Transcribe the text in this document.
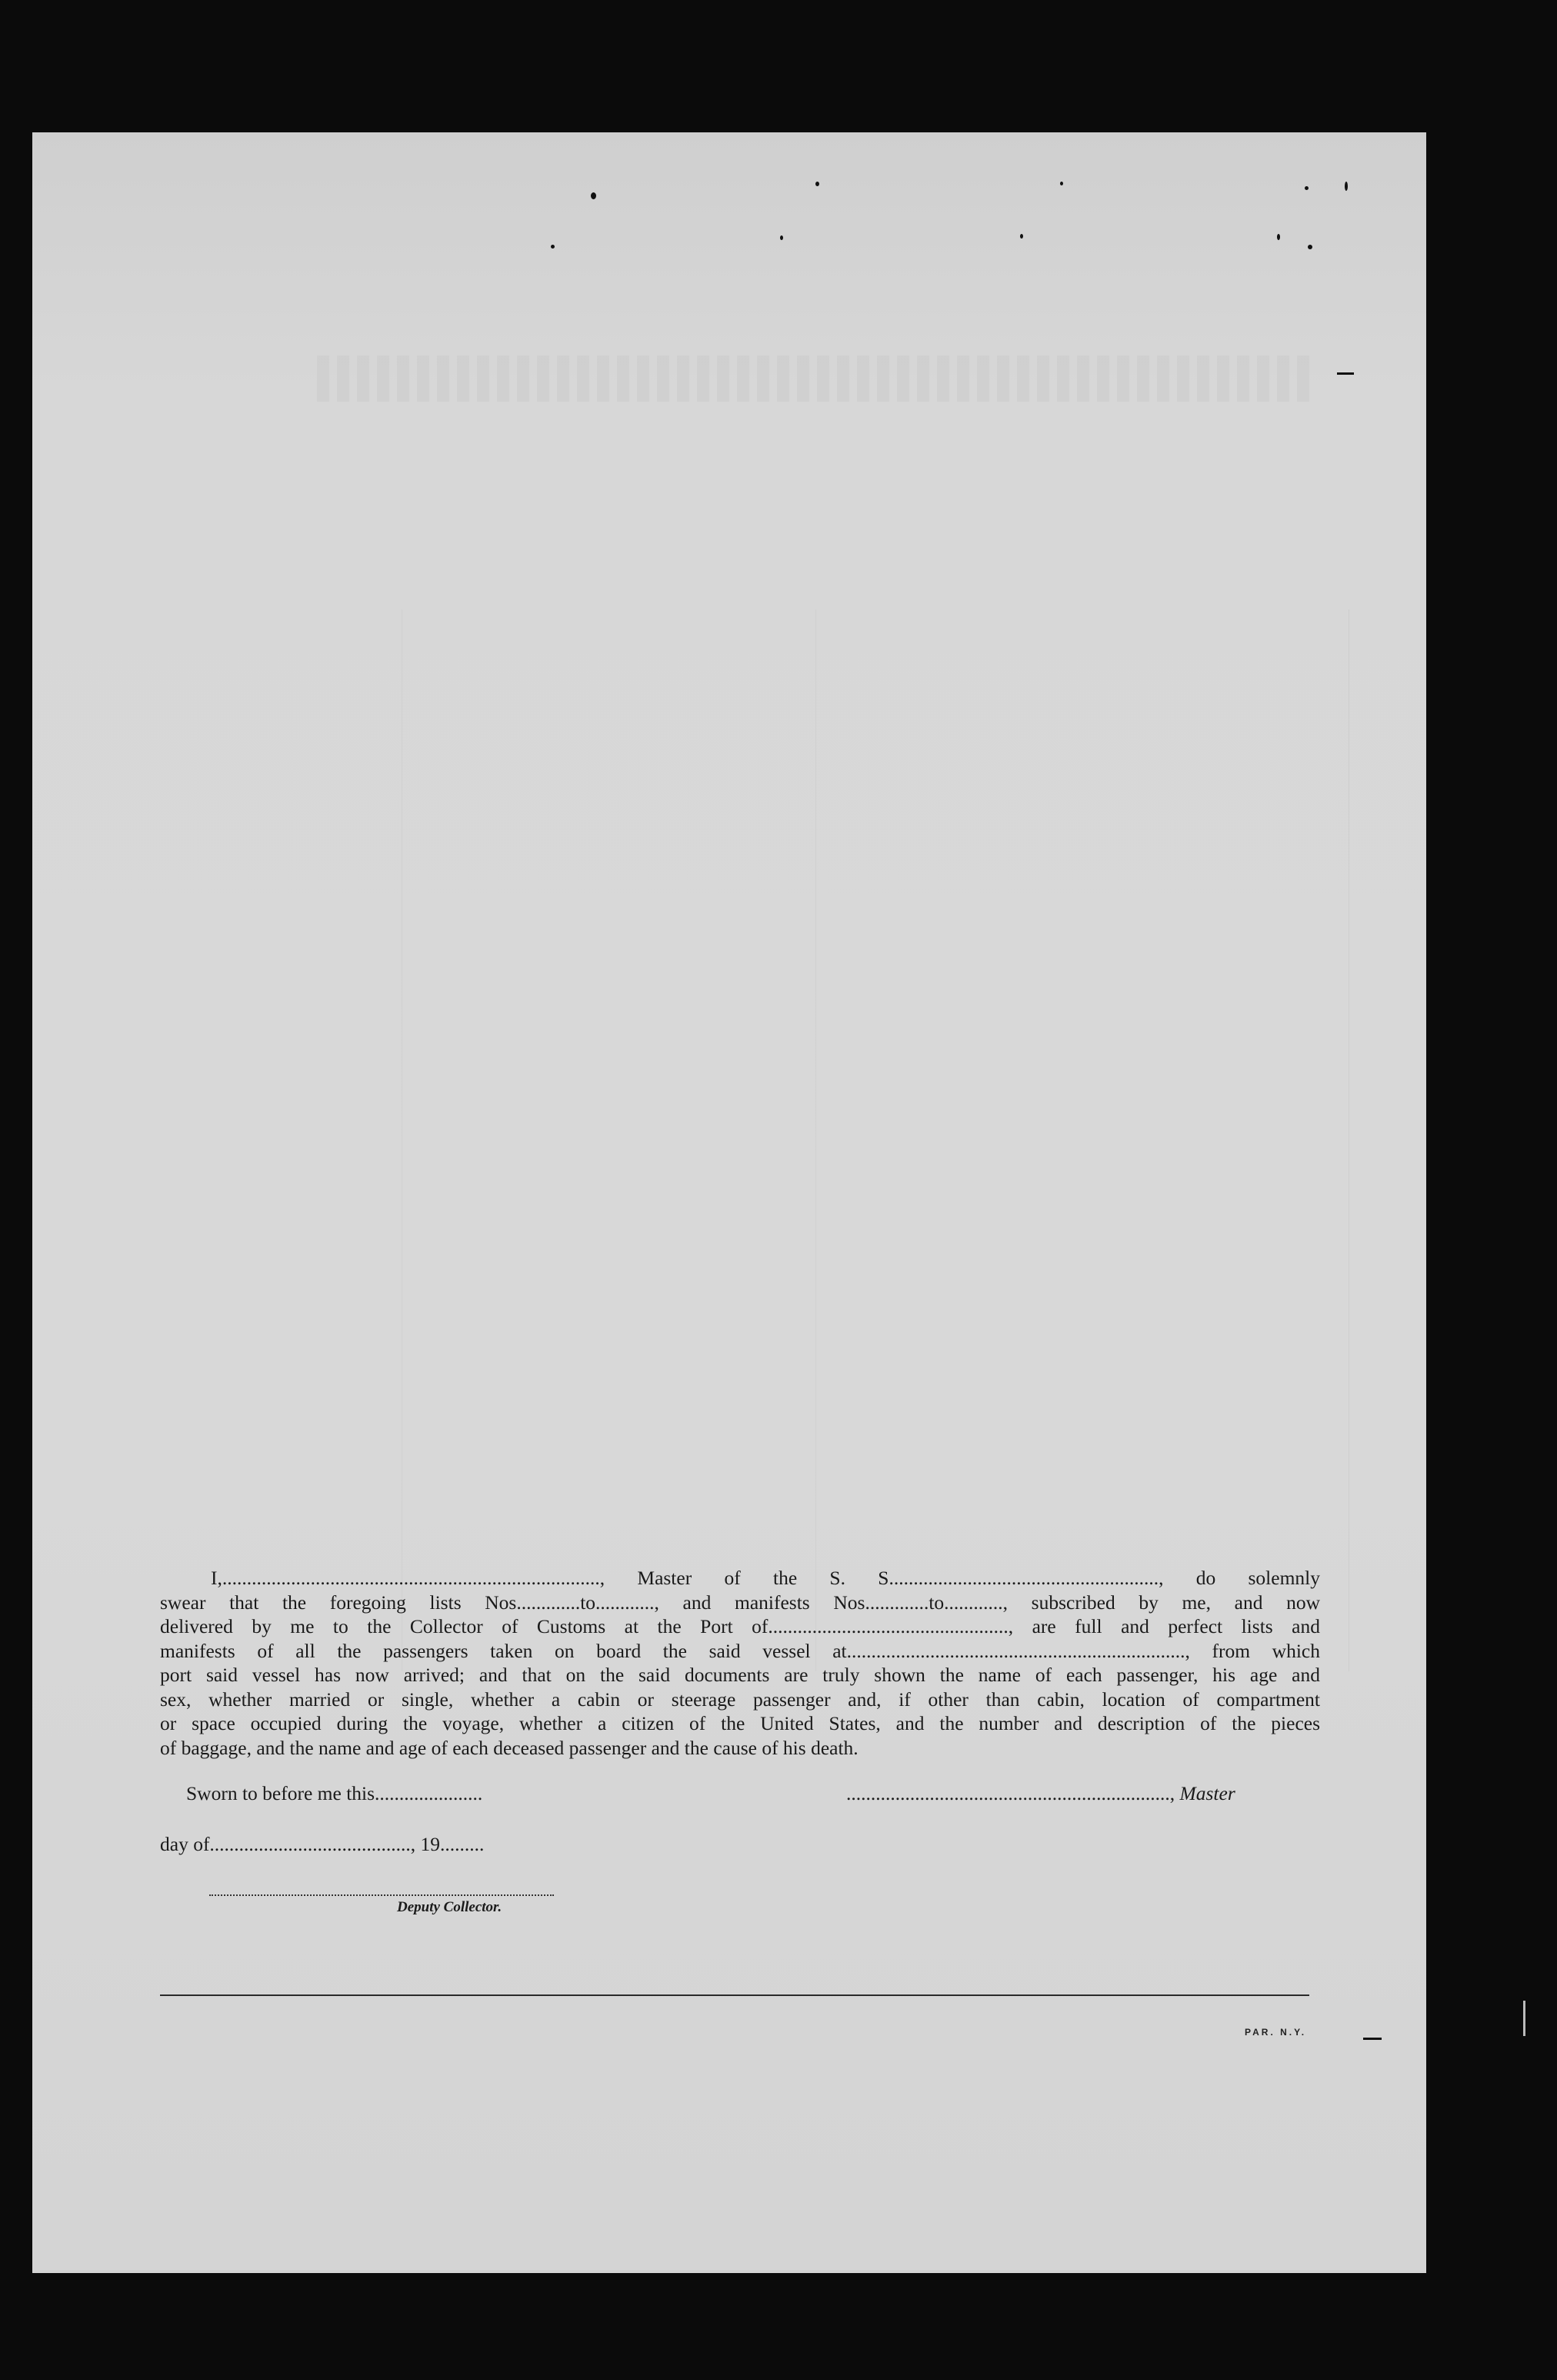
I,............................................................................., Master of the S. S......................................................., do solemnly
swear that the foregoing lists Nos.............to............, and manifests Nos.............to............, subscribed by me, and now
delivered by me to the Collector of Customs at the Port of................................................., are full and perfect lists and
manifests of all the passengers taken on board the said vessel at....................................................................., from which
port said vessel has now arrived; and that on the said documents are truly shown the name of each passenger, his age and
sex, whether married or single, whether a cabin or steerage passenger and, if other than cabin, location of compartment
or space occupied during the voyage, whether a citizen of the United States, and the number and description of the pieces
of baggage, and the name and age of each deceased passenger and the cause of his death.
Sworn to before me this......................	.................................................................., Master
day of........................................., 19.........
Deputy Collector.
PAR. N.Y.
